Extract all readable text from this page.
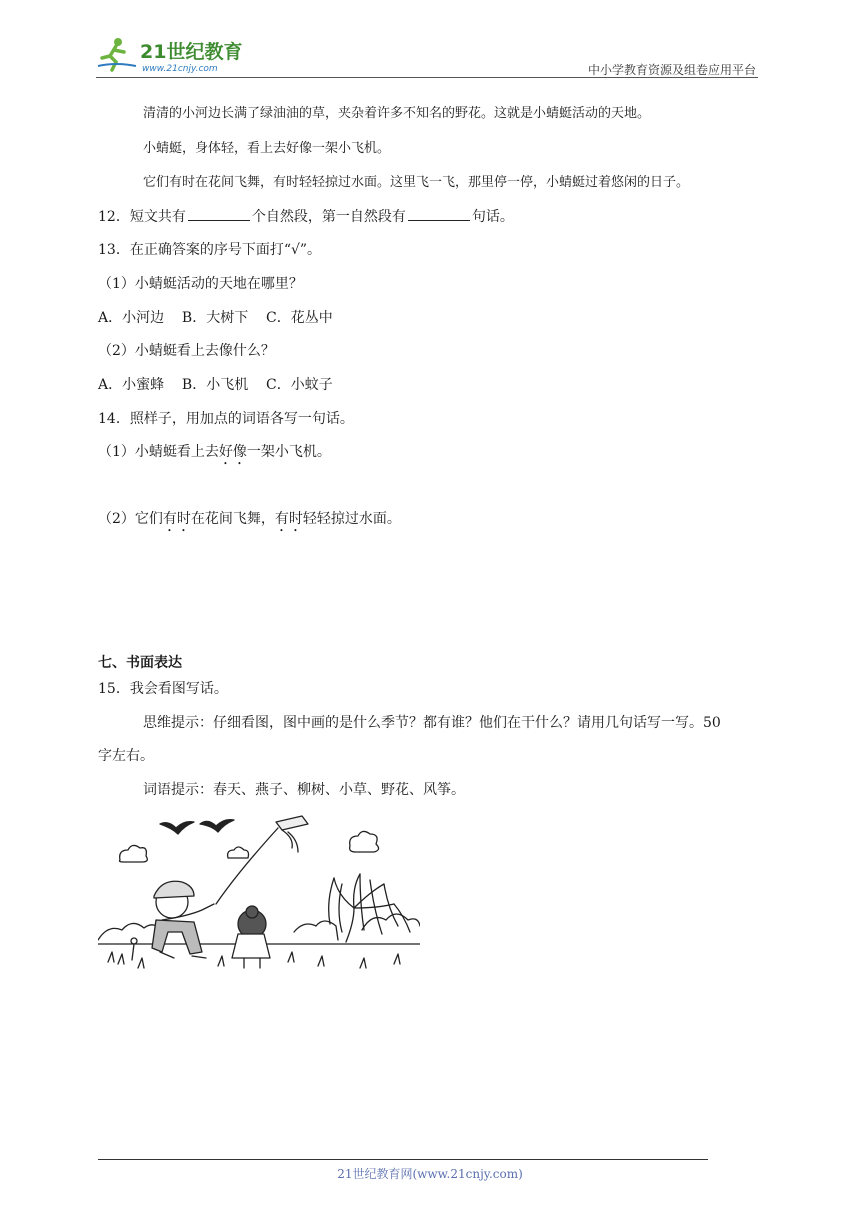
21世纪教育
www.21cnjy.com	中小学教育资源及组卷应用平台
清清的小河边长满了绿油油的草，夹杂着许多不知名的野花。这就是小蜻蜓活动的天地。
小蜻蜓，身体轻，看上去好像一架小飞机。
它们有时在花间飞舞，有时轻轻掠过水面。这里飞一飞，那里停一停，小蜻蜓过着悠闲的日子。
12．短文共有	个自然段，第一自然段有	句话。
13．在正确答案的序号下面打“√”。
（1）小蜻蜓活动的天地在哪里？
A．小河边    B．大树下    C．花丛中
（2）小蜻蜓看上去像什么？
A．小蜜蜂    B．小飞机    C．小蚊子
14．照样子，用加点的词语各写一句话。
（1）小蜻蜓看上去好像一架小飞机。
（2）它们有时在花间飞舞，有时轻轻掠过水面。
七、书面表达
15．我会看图写话。
思维提示：仔细看图，图中画的是什么季节？都有谁？他们在干什么？请用几句话写一写。50
字左右。
词语提示：春天、燕子、柳树、小草、野花、风筝。
21世纪教育网(www.21cnjy.com)
